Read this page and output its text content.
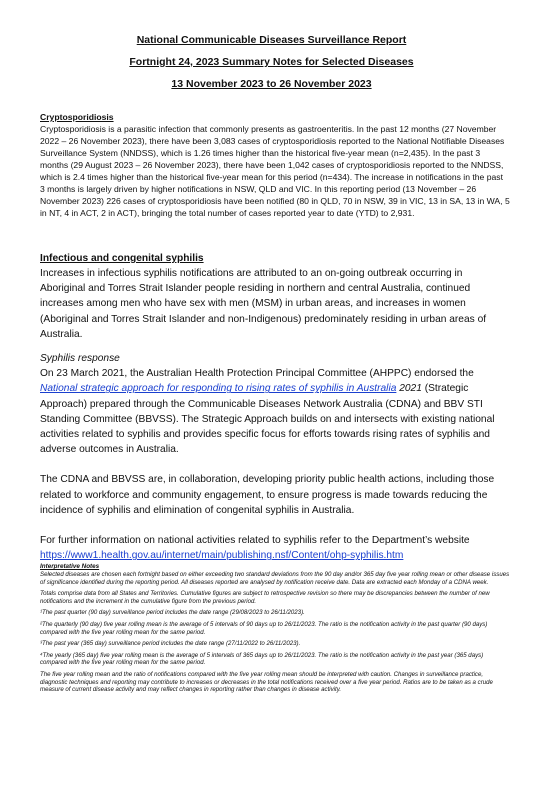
National Communicable Diseases Surveillance Report
Fortnight 24, 2023 Summary Notes for Selected Diseases
13 November 2023 to 26 November 2023
Cryptosporidiosis
Cryptosporidiosis is a parasitic infection that commonly presents as gastroenteritis. In the past 12 months (27 November 2022 – 26 November 2023), there have been 3,083 cases of cryptosporidiosis reported to the National Notifiable Diseases Surveillance System (NNDSS), which is 1.26 times higher than the historical five-year mean (n=2,435). In the past 3 months (29 August 2023 – 26 November 2023), there have been 1,042 cases of cryptosporidiosis reported to the NNDSS, which is 2.4 times higher than the historical five-year mean for this period (n=434). The increase in notifications in the past 3 months is largely driven by higher notifications in NSW, QLD and VIC. In this reporting period (13 November – 26 November 2023) 226 cases of cryptosporidiosis have been notified (80 in QLD, 70 in NSW, 39 in VIC, 13 in SA, 13 in WA, 5 in NT, 4 in ACT, 2 in ACT), bringing the total number of cases reported year to date (YTD) to 2,931.
Infectious and congenital syphilis
Increases in infectious syphilis notifications are attributed to an on-going outbreak occurring in Aboriginal and Torres Strait Islander people residing in northern and central Australia, continued increases among men who have sex with men (MSM) in urban areas, and increases in women (Aboriginal and Torres Strait Islander and non-Indigenous) predominately residing in urban areas of Australia.
Syphilis response
On 23 March 2021, the Australian Health Protection Principal Committee (AHPPC) endorsed the National strategic approach for responding to rising rates of syphilis in Australia 2021 (Strategic Approach) prepared through the Communicable Diseases Network Australia (CDNA) and BBV STI Standing Committee (BBVSS). The Strategic Approach builds on and intersects with existing national activities related to syphilis and provides specific focus for efforts towards rising rates of syphilis and adverse outcomes in Australia.
The CDNA and BBVSS are, in collaboration, developing priority public health actions, including those related to workforce and community engagement, to ensure progress is made towards reducing the incidence of syphilis and elimination of congenital syphilis in Australia.
For further information on national activities related to syphilis refer to the Department’s website
https://www1.health.gov.au/internet/main/publishing.nsf/Content/ohp-syphilis.htm
Interpretative Notes

Selected diseases are chosen each fortnight based on either exceeding two standard deviations from the 90 day and/or 365 day five year rolling mean or other disease issues of significance identified during the reporting period. All diseases reported are analysed by notification receive date. Data are extracted each Monday of a CDNA week.

Totals comprise data from all States and Territories. Cumulative figures are subject to retrospective revision so there may be discrepancies between the number of new notifications and the increment in the cumulative figure from the previous period.

¹The past quarter (90 day) surveillance period includes the date range (29/08/2023 to 26/11/2023).

²The quarterly (90 day) five year rolling mean is the average of 5 intervals of 90 days up to 26/11/2023. The ratio is the notification activity in the past quarter (90 days) compared with the five year rolling mean for the same period.

³The past year (365 day) surveillance period includes the date range (27/11/2022 to 26/11/2023).

⁴The yearly (365 day) five year rolling mean is the average of 5 intervals of 365 days up to 26/11/2023. The ratio is the notification activity in the past year (365 days) compared with the five year rolling mean for the same period.

The five year rolling mean and the ratio of notifications compared with the five year rolling mean should be interpreted with caution. Changes in surveillance practice, diagnostic techniques and reporting may contribute to increases or decreases in the total notifications received over a five year period. Ratios are to be taken as a crude measure of current disease activity and may reflect changes in reporting rather than changes in disease activity.
